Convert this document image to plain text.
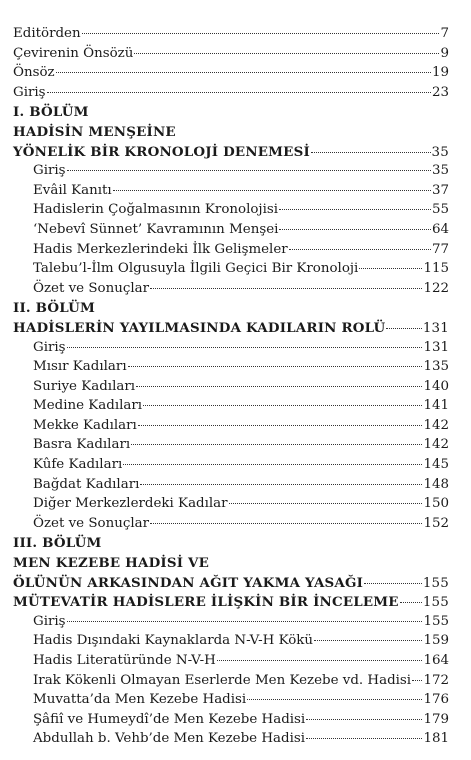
Editörden	7
Çevirenin Önsözü	9
Önsöz	19
Giriş	23
I. BÖLÜM
HADİSİN MENŞEİNE
YÖNELİK BİR KRONOLOJİ DENEMESİ	35
Giriş	35
Evâil Kanıtı	37
Hadislerin Çoğalmasının Kronolojisi	55
‘Nebevî Sünnet’ Kavramının Menşei	64
Hadis Merkezlerindeki İlk Gelişmeler	77
Talebu’l-İlm Olgusuyla İlgili Geçici Bir Kronoloji	115
Özet ve Sonuçlar	122
II. BÖLÜM
HADİSLERİN YAYILMASINDA KADILARIN ROLÜ	131
Giriş	131
Mısır Kadıları	135
Suriye Kadıları	140
Medine Kadıları	141
Mekke Kadıları	142
Basra Kadıları	142
Kûfe Kadıları	145
Bağdat Kadıları	148
Diğer Merkezlerdeki Kadılar	150
Özet ve Sonuçlar	152
III. BÖLÜM
MEN KEZEBE HADİSİ VE
ÖLÜNÜN ARKASINDAN AĞIT YAKMA YASAĞI	155
MÜTEVATİR HADİSLERE İLİŞKİN BİR İNCELEME 155
Giriş	155
Hadis Dışındaki Kaynaklarda N-V-H Kökü	159
Hadis Literatüründe N-V-H	164
Irak Kökenli Olmayan Eserlerde Men Kezebe vd. Hadisi 172
Muvatta’da Men Kezebe Hadisi	176
Şâfiî ve Humeydî’de Men Kezebe Hadisi	179
Abdullah b. Vehb’de Men Kezebe Hadisi	181
